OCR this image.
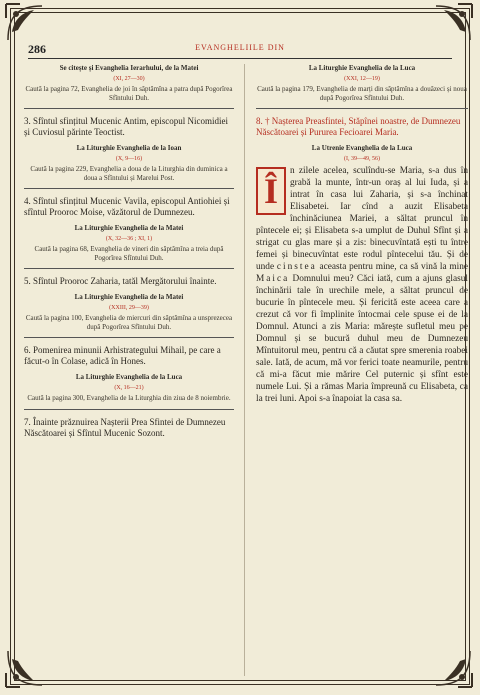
286	EVANGHELIILE DIN

Se citește și Evanghelia Ierarhului, de la Matei

(XI, 27—30)

Caută la pagina 72, Evanghelia de joi în săptămîna a patra după Pogorîrea Sfîntului Duh.

3. Sfîntul sfințitul Mucenic Antim, episcopul Nicomidiei și Cuviosul părinte Teoctist.

La Liturghie Evanghelia de la Ioan

(X, 9—16)

Caută la pagina 229, Evanghelia a doua de la Liturghia din duminica a doua a Sfîntului și Marelui Post.

4. Sfîntul sfințitul Mucenic Vavila, episcopul Antiohiei și sfîntul Prooroc Moise, văzătorul de Dumnezeu.

La Liturghie Evanghelia de la Matei

(X, 32—36 ; XI, 1)

Caută la pagina 68, Evanghelia de vineri din săptămîna a treia după Pogorîrea Sfîntului Duh.

5. Sfîntul Prooroc Zaharia, tatăl Mergătorului înainte.

La Liturghie Evanghelia de la Matei

(XXIII, 29—39)

Caută la pagina 100, Evanghelia de miercuri din săptămîna a unsprezecea după Pogorîrea Sfîntului Duh.

6. Pomenirea minunii Arhistrategului Mihail, pe care a făcut-o în Colase, adică în Hones.

La Liturghie Evanghelia de la Luca

(X, 16—21)

Caută la pagina 300, Evanghelia de la Liturghia din ziua de 8 noiembrie.

7. Înainte prăznuirea Nașterii Prea Sfintei de Dumnezeu Născătoarei și Sfîntul Mucenic Sozont.

La Liturghie Evanghelia de la Luca

(XXI, 12—19)

Caută la pagina 179, Evanghelia de marți din săptămîna a douăzeci și noua după Pogorîrea Sfîntului Duh.

8. † Nașterea Preasfintei, Stăpînei noastre, de Dumnezeu Născătoarei și Pururea Fecioarei Maria.

La Utrenie Evanghelia de la Luca

(I, 39—49, 56)

Î	n zilele acelea, sculîndu-se Maria, s-a dus în grabă la munte, într-un oraș al lui Iuda, și a intrat în casa lui Zaharia, și s-a închinat Elisabetei. Iar cînd a auzit Elisabeta închinăciunea Mariei, a săltat pruncul în pîntecele ei; și Elisabeta s-a umplut de Duhul Sfînt și a strigat cu glas mare și a zis: binecuvîntată ești tu între femei și binecuvîntat este rodul pîntecelui tău. Și de unde cinstea aceasta pentru mine, ca să vină la mine Maica Domnului meu? Căci iată, cum a ajuns glasul închinării tale în urechile mele, a săltat pruncul de bucurie în pîntecele meu. Și fericită este aceea care a crezut că vor fi împlinite întocmai cele spuse ei de la Domnul. Atunci a zis Maria: mărește sufletul meu pe Domnul și se bucură duhul meu de Dumnezeu Mîntuitorul meu, pentru că a căutat spre smerenia roabei sale. Iată, de acum, mă vor ferici toate neamurile, pentru că mi-a făcut mie mărire Cel puternic și sfînt este numele Lui. Și a rămas Maria împreună cu Elisabeta, ca la trei luni. Apoi s-a înapoiat la casa sa.
